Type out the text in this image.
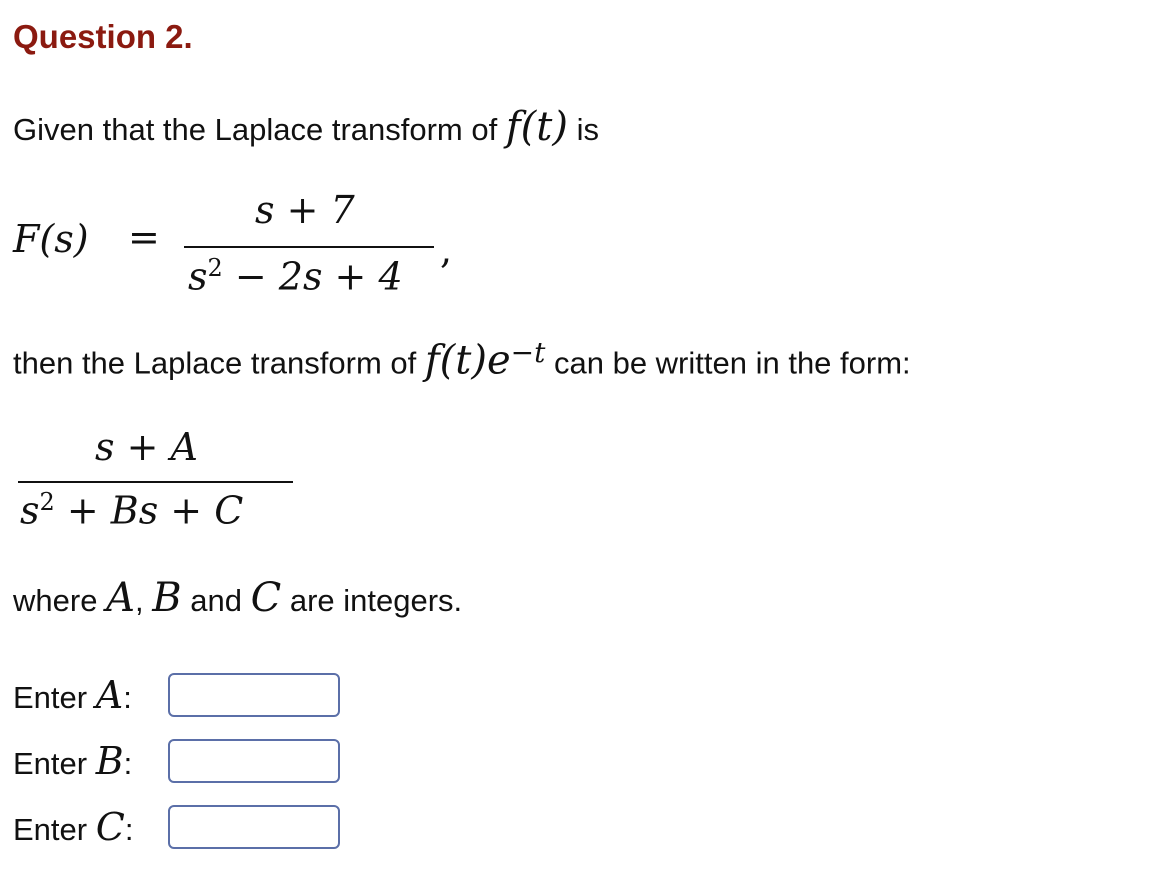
Question 2.
Given that the Laplace transform of f(t) is
F(s) =
s + 7
$s^2 - 2s + 4$
,
then the Laplace transform of $f(t)e^{-t}$ can be written in the form:
s + A
$s^2 + Bs + C$
where A, B and C are integers.
Enter A:
Enter B:
Enter C:
